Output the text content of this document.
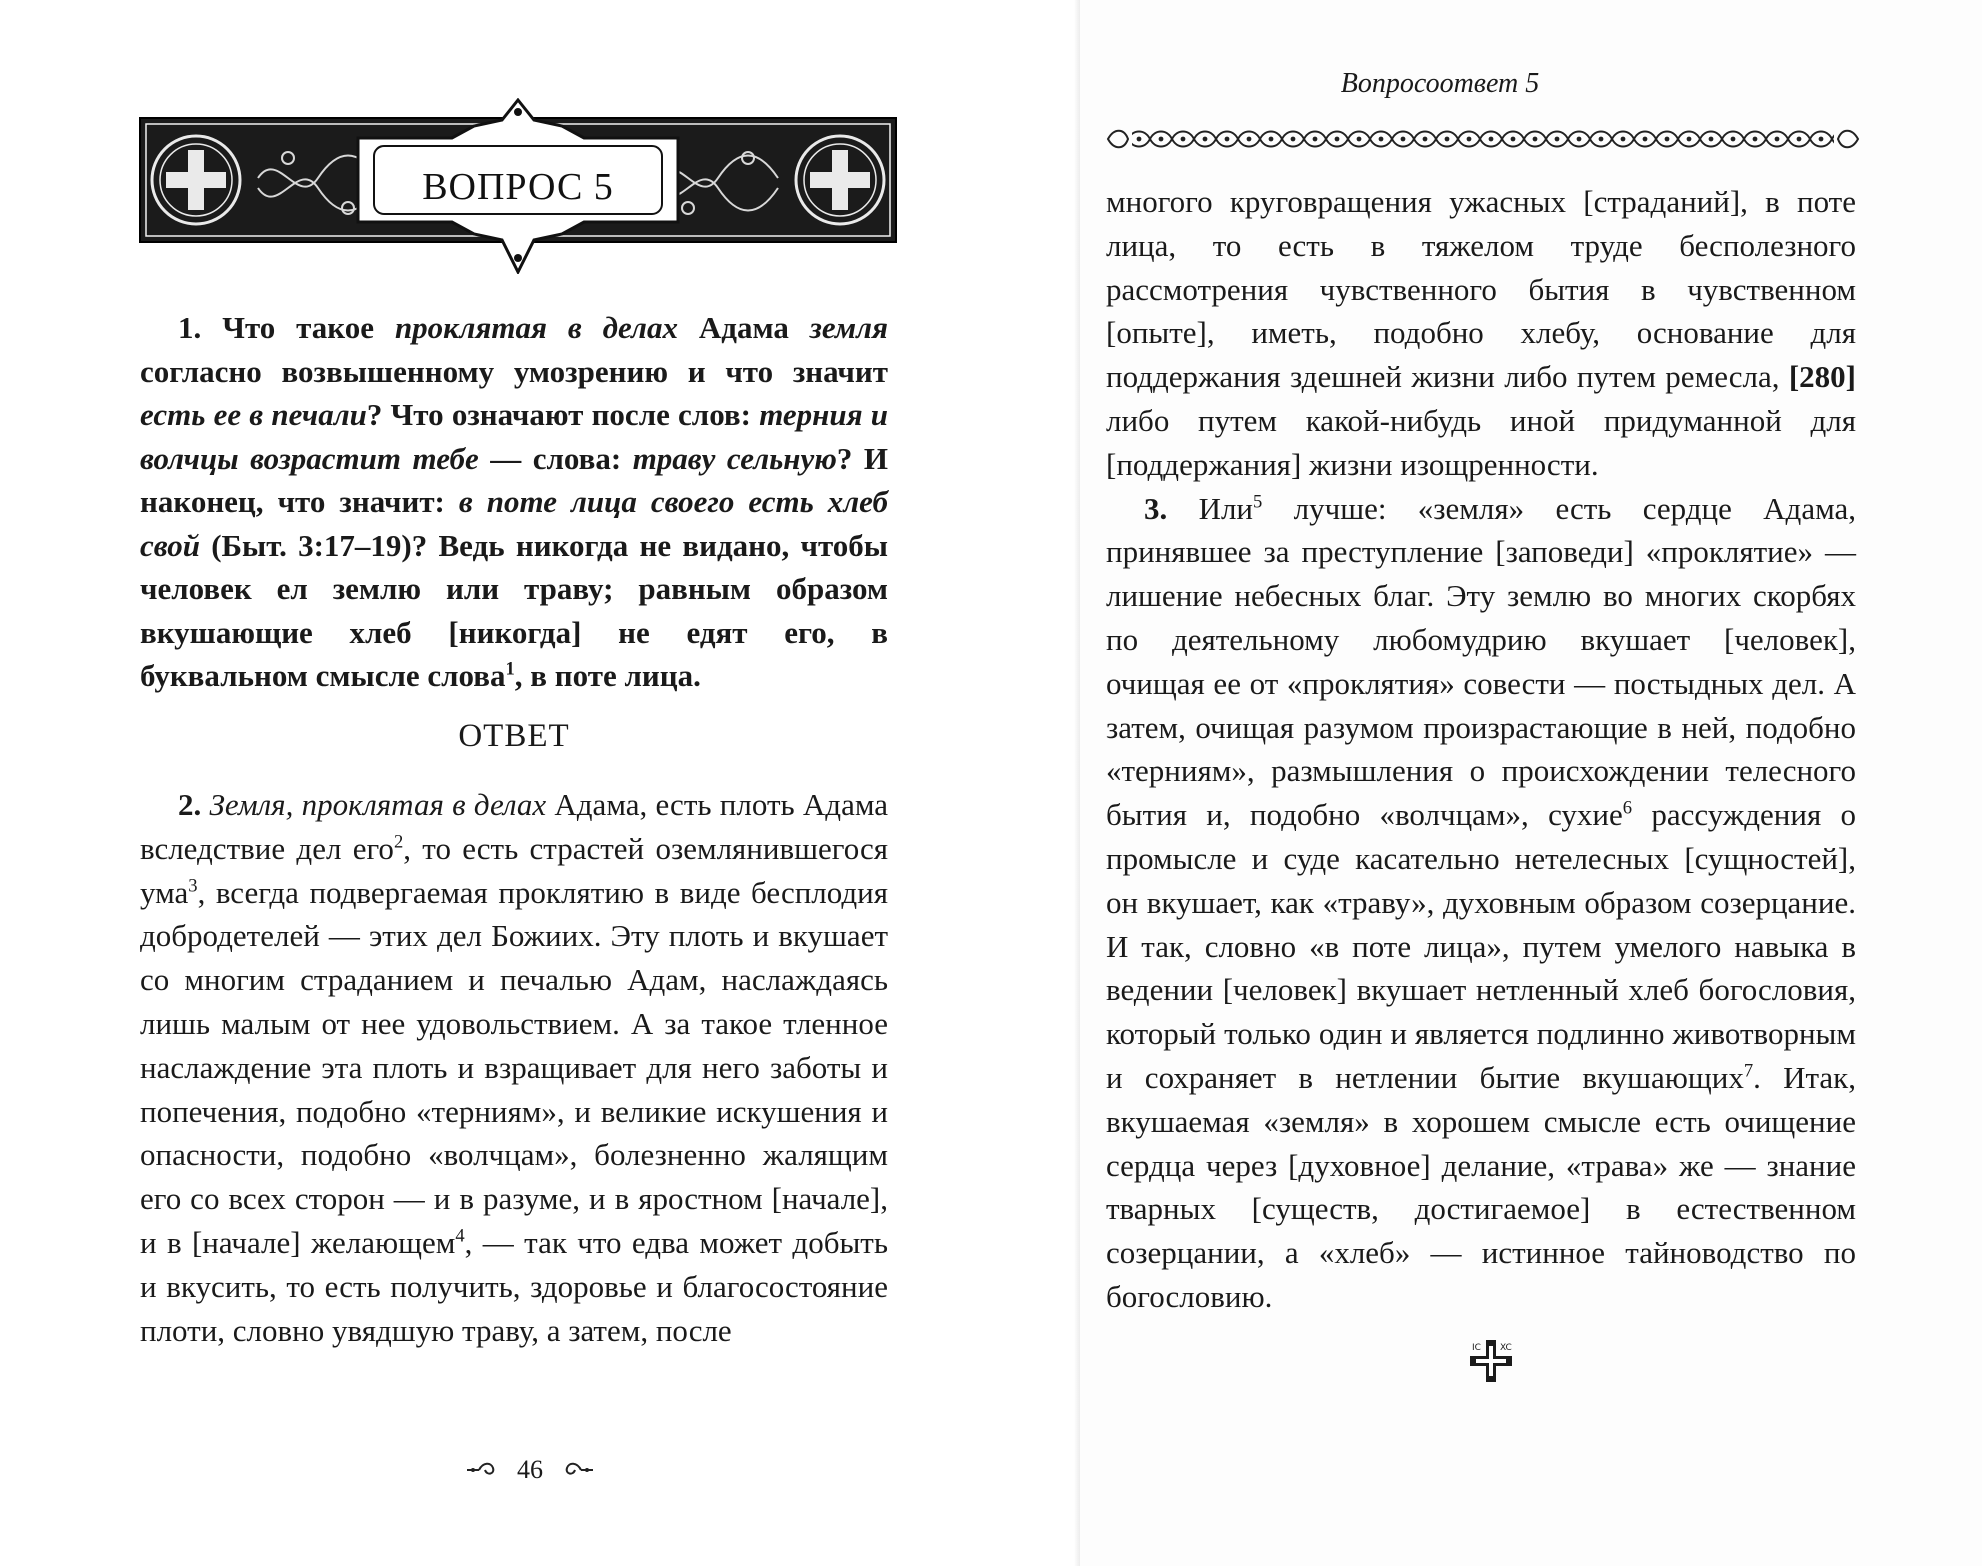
ВОПРОС 5
1. Что такое проклятая в делах Адама земля согласно возвышенному умозрению и что значит есть ее в печали? Что означают после слов: терния и волчцы возрастит тебе — слова: траву сельную? И наконец, что значит: в поте лица своего есть хлеб свой (Быт. 3:17–19)? Ведь никогда не видано, чтобы человек ел землю или траву; равным образом вкушающие хлеб [никогда] не едят его, в буквальном смысле слова$^1$, в поте лица.
ОТВЕТ
2. Земля, проклятая в делах Адама, есть плоть Адама вследствие дел его$^2$, то есть страстей оземлянившегося ума$^3$, всегда подвергаемая проклятию в виде бесплодия добродетелей — этих дел Божиих. Эту плоть и вкушает со многим страданием и печалью Адам, наслаждаясь лишь малым от нее удовольствием. А за такое тленное наслаждение эта плоть и взращивает для него заботы и попечения, подобно «терниям», и великие искушения и опасности, подобно «волчцам», болезненно жалящим его со всех сторон — и в разуме, и в яростном [начале], и в [начале] желающем$^4$, — так что едва может добыть и вкусить, то есть получить, здоровье и благосостояние плоти, словно увядшую траву, а затем, после
46
Вопросоответ 5

многого круговращения ужасных [страданий], в поте лица, то есть в тяжелом труде бесполезного рассмотрения чувственного бытия в чувственном [опыте], иметь, подобно хлебу, основание для поддержания здешней жизни либо путем ремесла, [280] либо путем какой-нибудь иной придуманной для [поддержания] жизни изощренности.

3. Или$^5$ лучше: «земля» есть сердце Адама, принявшее за преступление [заповеди] «проклятие» — лишение небесных благ. Эту землю во многих скорбях по деятельному любомудрию вкушает [человек], очищая ее от «проклятия» совести — постыдных дел. А затем, очищая разумом произрастающие в ней, подобно «терниям», размышления о происхождении телесного бытия и, подобно «волчцам», сухие$^6$ рассуждения о промысле и суде касательно нетелесных [сущностей], он вкушает, как «траву», духовным образом созерцание. И так, словно «в поте лица», путем умелого навыка в ведении [человек] вкушает нетленный хлеб богословия, который только один и является подлинно животворным и сохраняет в нетлении бытие вкушающих$^7$. Итак, вкушаемая «земля» в хорошем смысле есть очищение сердца через [духовное] делание, «трава» же — знание тварных [существ, достигаемое] в естественном созерцании, а «хлеб» — истинное тайноводство по богословию.

IC XC
